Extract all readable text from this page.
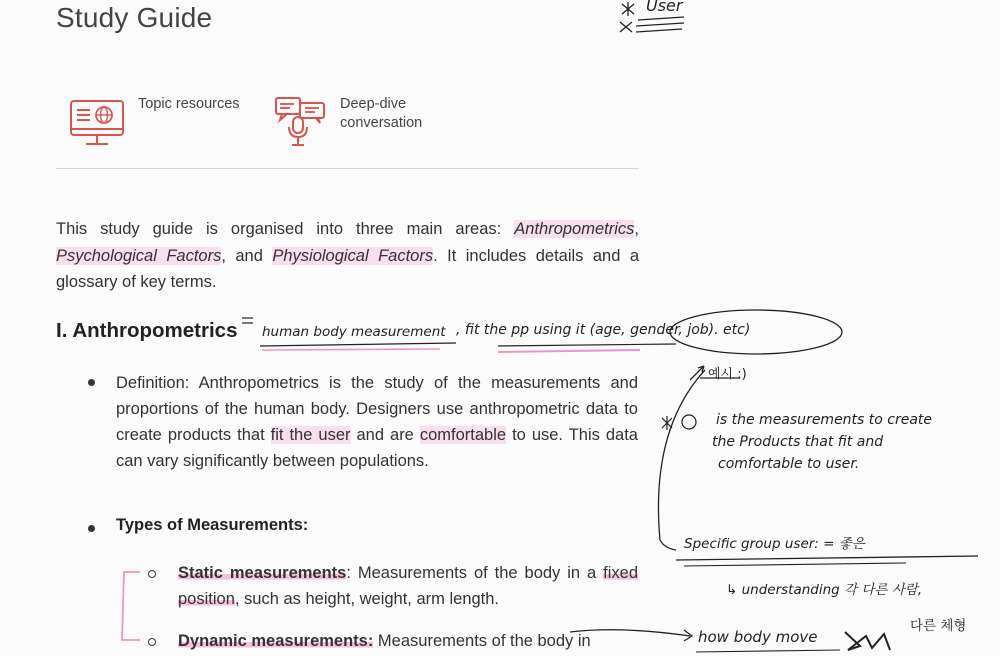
Study Guide
Topic resources	Deep-dive
conversation
This study guide is organised into three main areas: Anthropometrics, Psychological Factors, and Physiological Factors. It includes details and a glossary of key terms.
I. Anthropometrics
Definition: Anthropometrics is the study of the measurements and proportions of the human body. Designers use anthropometric data to create products that fit the user and are comfortable to use. This data can vary significantly between populations.
Types of Measurements:
Static measurements: Measurements of the body in a fixed position, such as height, weight, arm length.
Dynamic measurements: Measurements of the body in
User
human body measurement , fit the pp using it (age, gender, job). etc)
예시 :)
is the measurements to create
the Products that fit and
comfortable to user.
Specific group user: = 좋은
↳ understanding 각 다른 사람,
다른 체형
how body move
